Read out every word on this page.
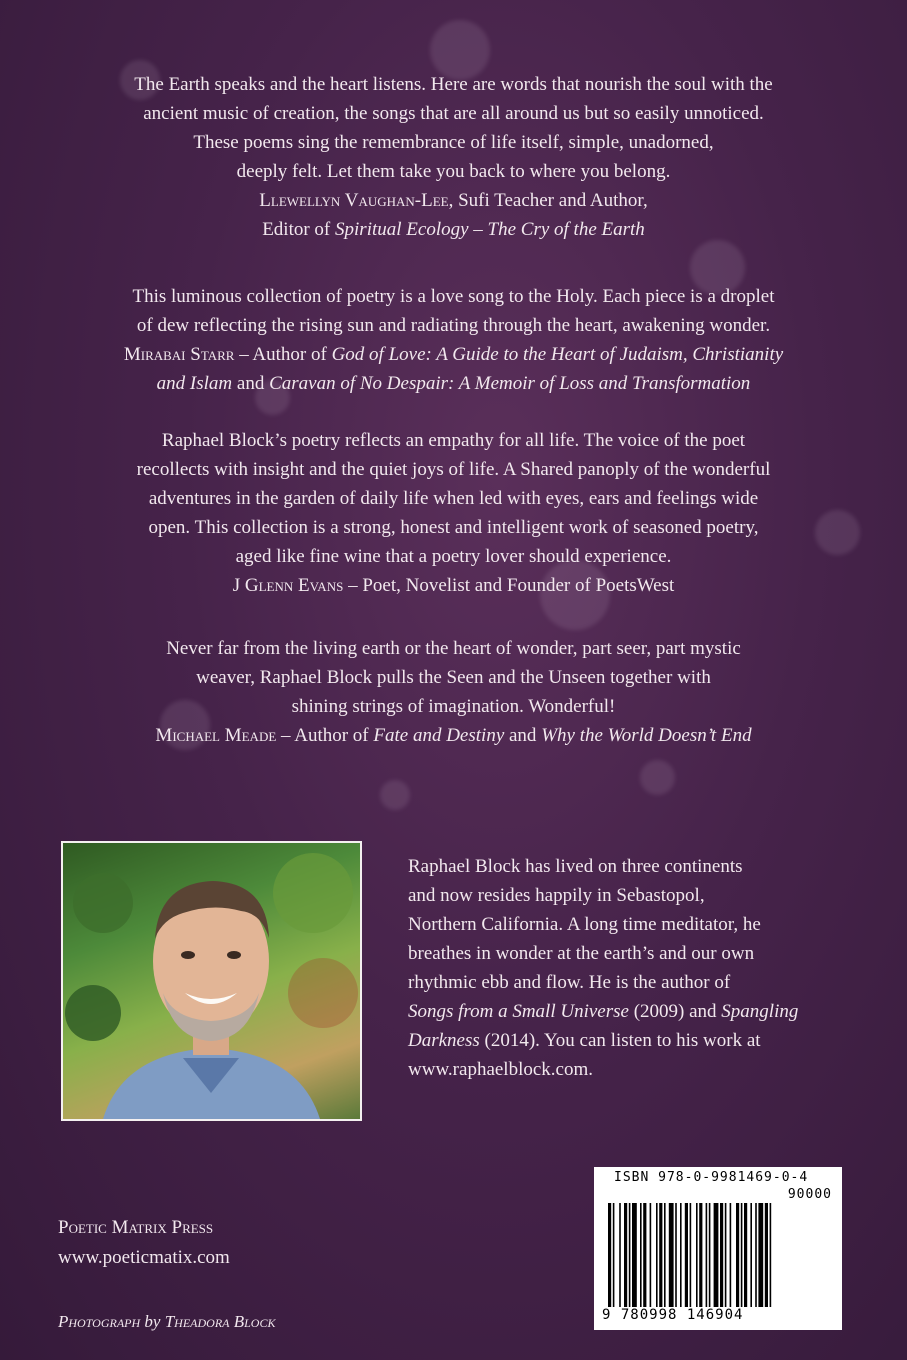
The Earth speaks and the heart listens. Here are words that nourish the soul with the

ancient music of creation, the songs that are all around us but so easily unnoticed.

These poems sing the remembrance of life itself, simple, unadorned,

deeply felt. Let them take you back to where you belong.

Llewellyn Vaughan-Lee, Sufi Teacher and Author,

Editor of Spiritual Ecology – The Cry of the Earth

This luminous collection of poetry is a love song to the Holy. Each piece is a droplet

of dew reflecting the rising sun and radiating through the heart, awakening wonder.

Mirabai Starr – Author of God of Love: A Guide to the Heart of Judaism, Christianity

and Islam and Caravan of No Despair: A Memoir of Loss and Transformation

Raphael Block’s poetry reflects an empathy for all life. The voice of the poet

recollects with insight and the quiet joys of life. A Shared panoply of the wonderful

adventures in the garden of daily life when led with eyes, ears and feelings wide

open. This collection is a strong, honest and intelligent work of seasoned poetry,

aged like fine wine that a poetry lover should experience.

J Glenn Evans – Poet, Novelist and Founder of PoetsWest

Never far from the living earth or the heart of wonder, part seer, part mystic

weaver, Raphael Block pulls the Seen and the Unseen together with

shining strings of imagination. Wonderful!

Michael Meade – Author of Fate and Destiny and Why the World Doesn’t End

Raphael Block has lived on three continents
and now resides happily in Sebastopol,
Northern California. A long time meditator, he
breathes in wonder at the earth’s and our own
rhythmic ebb and flow. He is the author of
Songs from a Small Universe (2009) and Spangling
Darkness (2014). You can listen to his work at
www.raphaelblock.com.
Poetic Matrix Press
www.poeticmatix.com
Photograph by Theadora Block
ISBN 978-0-9981469-0-4
90000
9 780998 146904
